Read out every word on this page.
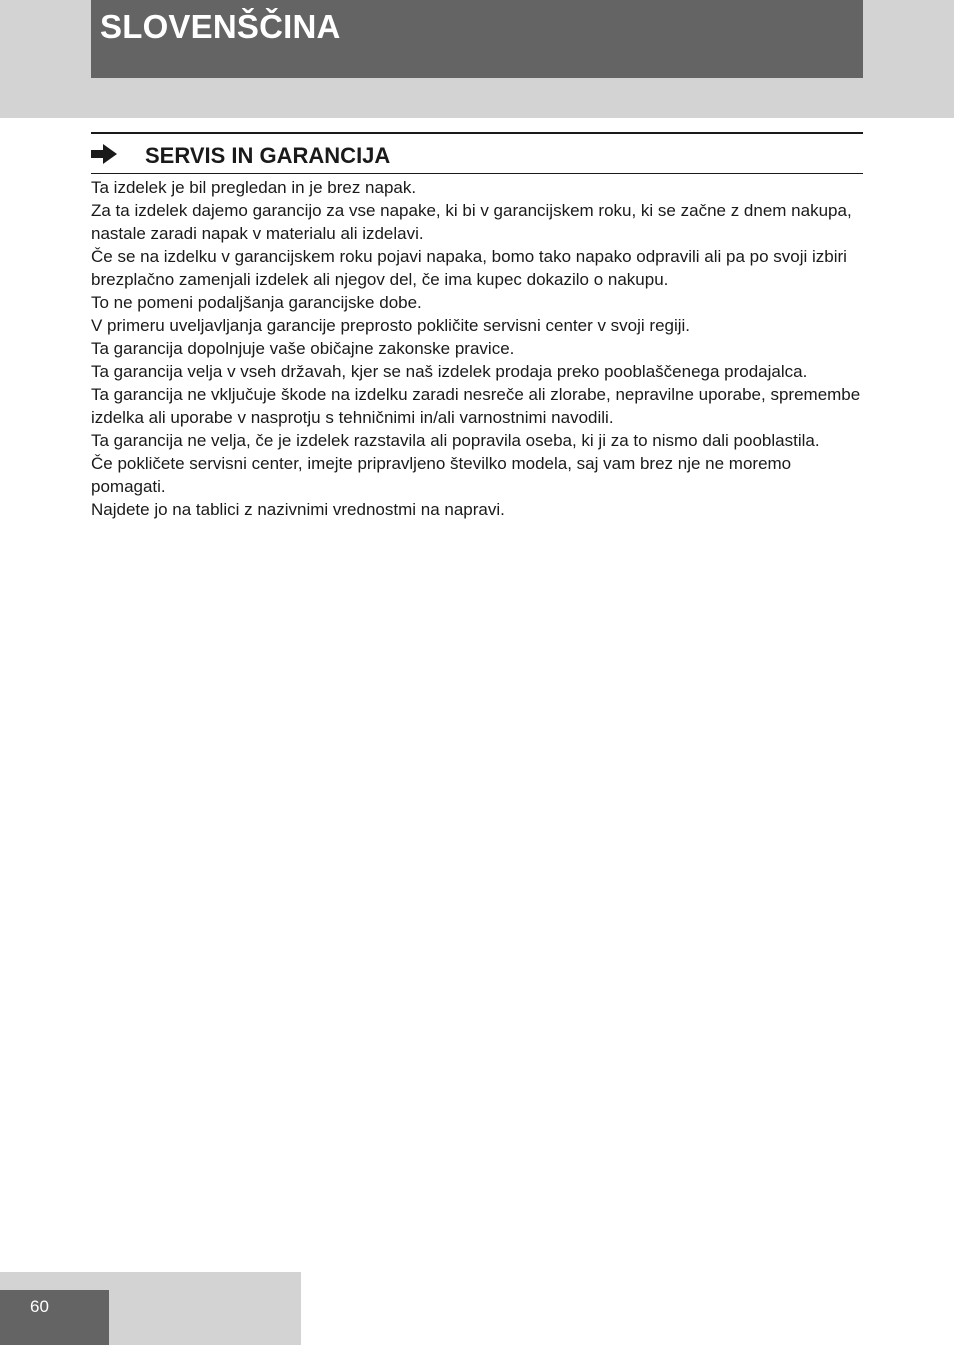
SLOVENŠČINA
SERVIS IN GARANCIJA

Ta izdelek je bil pregledan in je brez napak.

Za ta izdelek dajemo garancijo za vse napake, ki bi v garancijskem roku, ki se začne z dnem nakupa, nastale zaradi napak v materialu ali izdelavi.

Če se na izdelku v garancijskem roku pojavi napaka, bomo tako napako odpravili ali pa po svoji izbiri brezplačno zamenjali izdelek ali njegov del, če ima kupec dokazilo o nakupu.

To ne pomeni podaljšanja garancijske dobe.

V primeru uveljavljanja garancije preprosto pokličite servisni center v svoji regiji.

Ta garancija dopolnjuje vaše običajne zakonske pravice.

Ta garancija velja v vseh državah, kjer se naš izdelek prodaja preko pooblaščenega prodajalca.

Ta garancija ne vključuje škode na izdelku zaradi nesreče ali zlorabe, nepravilne uporabe, spremembe izdelka ali uporabe v nasprotju s tehničnimi in/ali varnostnimi navodili.

Ta garancija ne velja, če je izdelek razstavila ali popravila oseba, ki ji za to nismo dali pooblastila.

Če pokličete servisni center, imejte pripravljeno številko modela, saj vam brez nje ne moremo pomagati.

Najdete jo na tablici z nazivnimi vrednostmi na napravi.

60
